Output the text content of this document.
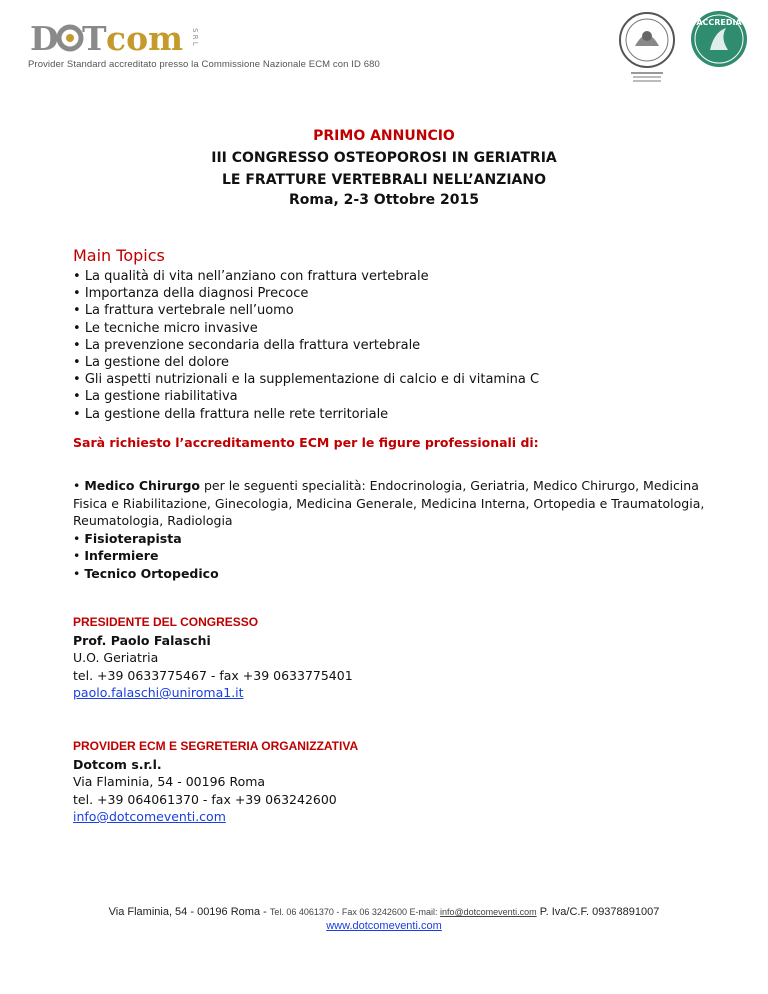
D T com S R L
Provider Standard accreditato presso la Commissione Nazionale ECM con ID 680
ACCREDIA
PRIMO ANNUNCIO
III CONGRESSO OSTEOPOROSI IN GERIATRIA
LE FRATTURE VERTEBRALI NELL’ANZIANO
Roma, 2-3 Ottobre 2015
Main Topics
• La qualità di vita nell’anziano con frattura vertebrale
• Importanza della diagnosi Precoce
• La frattura vertebrale nell’uomo
• Le tecniche micro invasive
• La prevenzione secondaria della frattura vertebrale
• La gestione del dolore
• Gli aspetti nutrizionali e la supplementazione di calcio e di vitamina C
• La gestione riabilitativa
• La gestione della frattura nelle rete territoriale
Sarà richiesto l’accreditamento ECM per le figure professionali di:
• Medico Chirurgo per le seguenti specialità: Endocrinologia, Geriatria, Medico Chirurgo, Medicina Fisica e Riabilitazione, Ginecologia, Medicina Generale, Medicina Interna, Ortopedia e Traumatologia, Reumatologia, Radiologia
• Fisioterapista
• Infermiere
• Tecnico Ortopedico
PRESIDENTE DEL CONGRESSO
Prof. Paolo Falaschi
U.O. Geriatria
tel. +39 0633775467 - fax +39 0633775401
paolo.falaschi@uniroma1.it
PROVIDER ECM E SEGRETERIA ORGANIZZATIVA
Dotcom s.r.l.
Via Flaminia, 54 - 00196 Roma
tel. +39 064061370 - fax +39 063242600
info@dotcomeventi.com
Via Flaminia, 54 - 00196 Roma - Tel. 06 4061370 - Fax 06 3242600 E-mail: info@dotcomeventi.com P. Iva/C.F. 09378891007
www.dotcomeventi.com
